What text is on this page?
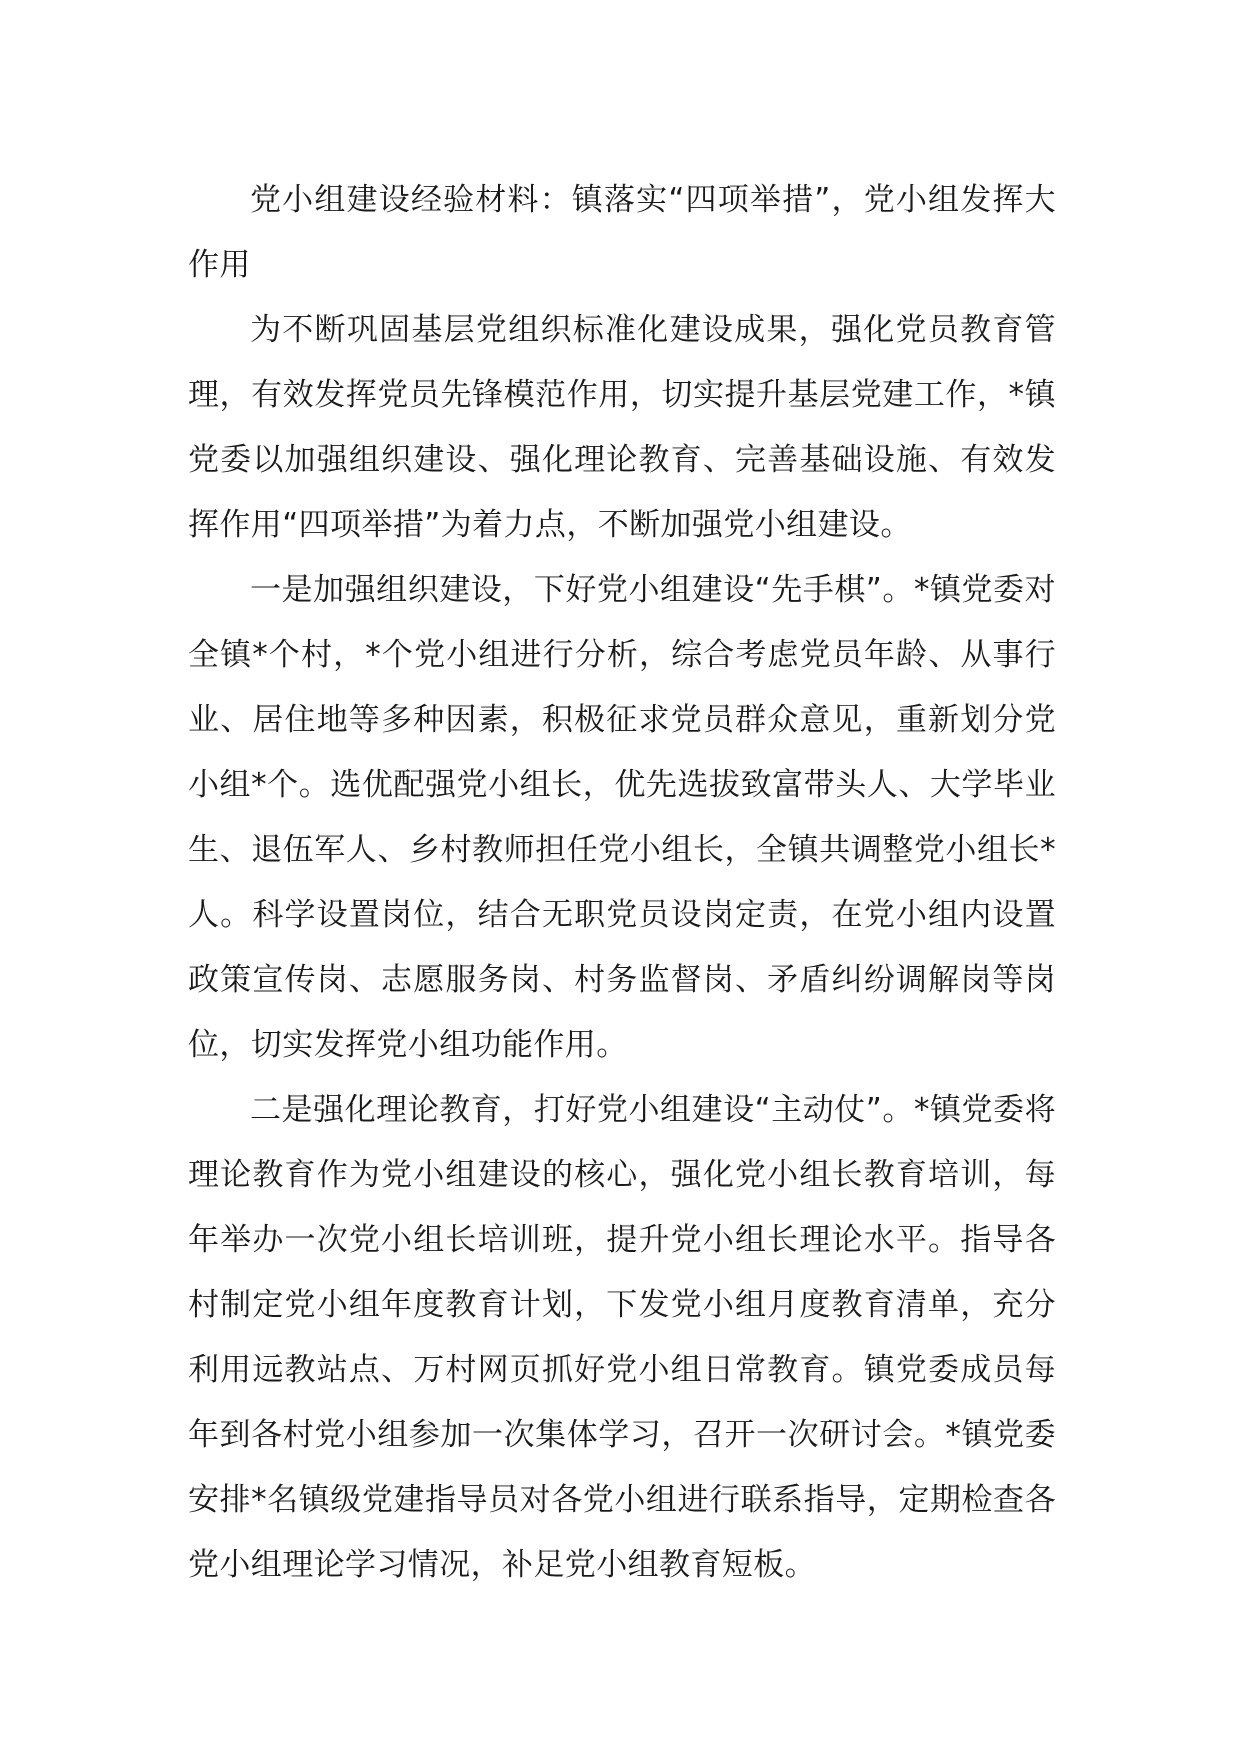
党小组建设经验材料：镇落实“四项举措”，党小组发挥大作用

为不断巩固基层党组织标准化建设成果，强化党员教育管理，有效发挥党员先锋模范作用，切实提升基层党建工作，*镇党委以加强组织建设、强化理论教育、完善基础设施、有效发挥作用“四项举措”为着力点，不断加强党小组建设。

一是加强组织建设，下好党小组建设“先手棋”。*镇党委对全镇*个村，*个党小组进行分析，综合考虑党员年龄、从事行业、居住地等多种因素，积极征求党员群众意见，重新划分党小组*个。选优配强党小组长，优先选拔致富带头人、大学毕业生、退伍军人、乡村教师担任党小组长，全镇共调整党小组长*人。科学设置岗位，结合无职党员设岗定责，在党小组内设置政策宣传岗、志愿服务岗、村务监督岗、矛盾纠纷调解岗等岗位，切实发挥党小组功能作用。

二是强化理论教育，打好党小组建设“主动仗”。*镇党委将理论教育作为党小组建设的核心，强化党小组长教育培训，每年举办一次党小组长培训班，提升党小组长理论水平。指导各村制定党小组年度教育计划，下发党小组月度教育清单，充分利用远教站点、万村网页抓好党小组日常教育。镇党委成员每年到各村党小组参加一次集体学习，召开一次研讨会。*镇党委安排*名镇级党建指导员对各党小组进行联系指导，定期检查各党小组理论学习情况，补足党小组教育短板。
